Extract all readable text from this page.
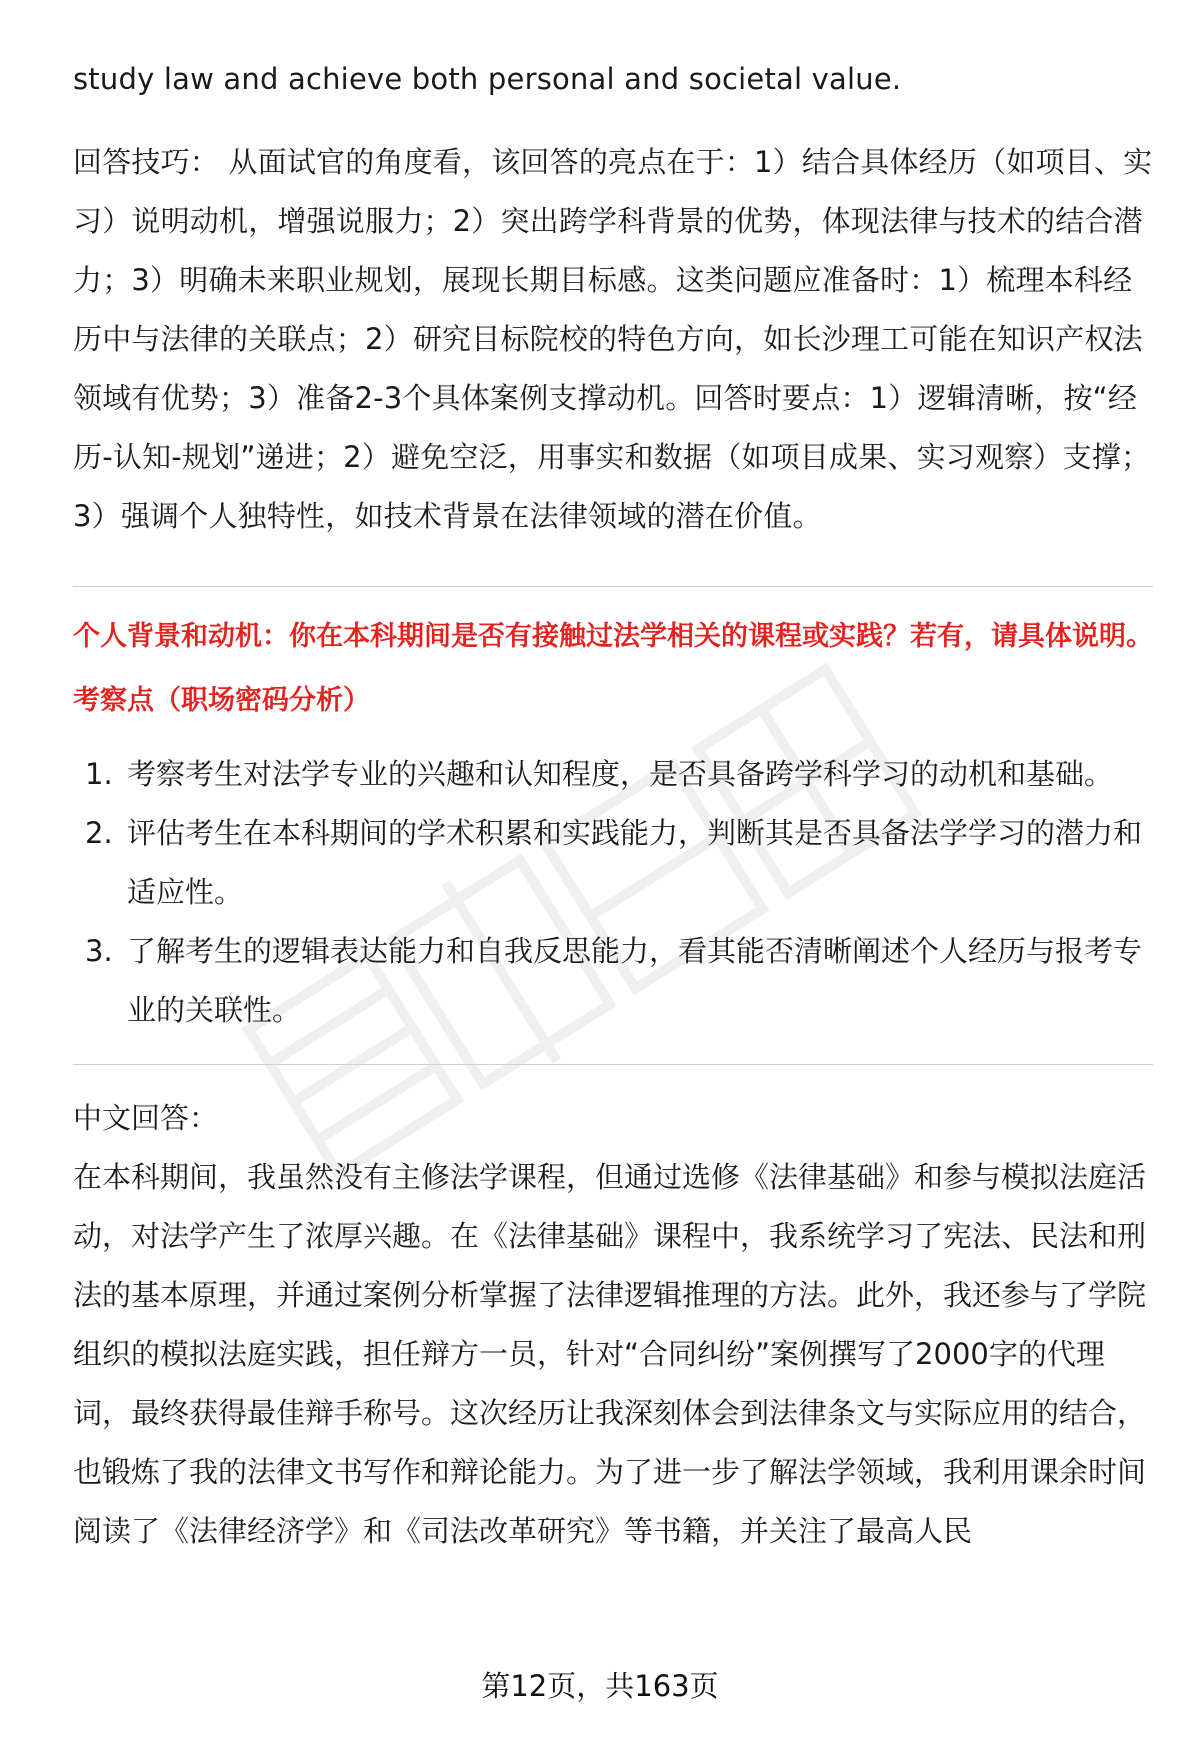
study law and achieve both personal and societal value.

回答技巧： 从面试官的角度看，该回答的亮点在于：1）结合具体经历（如项目、实习）说明动机，增强说服力；2）突出跨学科背景的优势，体现法律与技术的结合潜力；3）明确未来职业规划，展现长期目标感。这类问题应准备时：1）梳理本科经历中与法律的关联点；2）研究目标院校的特色方向，如长沙理工可能在知识产权法领域有优势；3）准备2-3个具体案例支撑动机。回答时要点：1）逻辑清晰，按“经历-认知-规划”递进；2）避免空泛，用事实和数据（如项目成果、实习观察）支撑；3）强调个人独特性，如技术背景在法律领域的潜在价值。

个人背景和动机：你在本科期间是否有接触过法学相关的课程或实践？若有，请具体说明。

考察点（职场密码分析）

1. 考察考生对法学专业的兴趣和认知程度，是否具备跨学科学习的动机和基础。
2. 评估考生在本科期间的学术积累和实践能力，判断其是否具备法学学习的潜力和适应性。
3. 了解考生的逻辑表达能力和自我反思能力，看其能否清晰阐述个人经历与报考专业的关联性。

中文回答：

在本科期间，我虽然没有主修法学课程，但通过选修《法律基础》和参与模拟法庭活动，对法学产生了浓厚兴趣。在《法律基础》课程中，我系统学习了宪法、民法和刑法的基本原理，并通过案例分析掌握了法律逻辑推理的方法。此外，我还参与了学院组织的模拟法庭实践，担任辩方一员，针对“合同纠纷”案例撰写了2000字的代理词，最终获得最佳辩手称号。这次经历让我深刻体会到法律条文与实际应用的结合，也锻炼了我的法律文书写作和辩论能力。为了进一步了解法学领域，我利用课余时间阅读了《法律经济学》和《司法改革研究》等书籍，并关注了最高人民

第12页，共163页
